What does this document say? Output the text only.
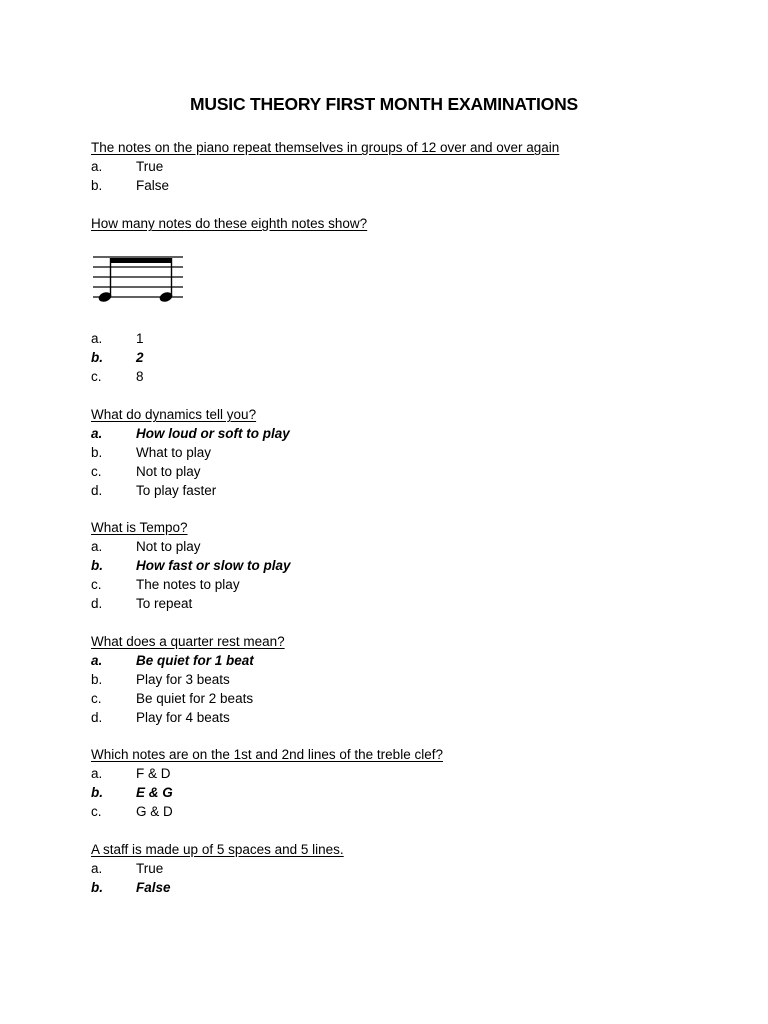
MUSIC THEORY FIRST MONTH EXAMINATIONS
The notes on the piano repeat themselves in groups of 12 over and over again
a. True
b. False
How many notes do these eighth notes show?
a. 1
b. 2
c.	8
What do dynamics tell you?
a. How loud or soft to play
b. What to play
c.	Not to play
d. To play faster
What is Tempo?
a. Not to play
b. How fast or slow to play
c.	The notes to play
d. To repeat
What does a quarter rest mean?
a. Be quiet for 1 beat
b. Play for 3 beats
c.	Be quiet for 2 beats
d. Play for 4 beats
Which notes are on the 1st and 2nd lines of the treble clef?
a. F & D
b. E & G
c.	G & D
A staff is made up of 5 spaces and 5 lines.
a. True
b. False
